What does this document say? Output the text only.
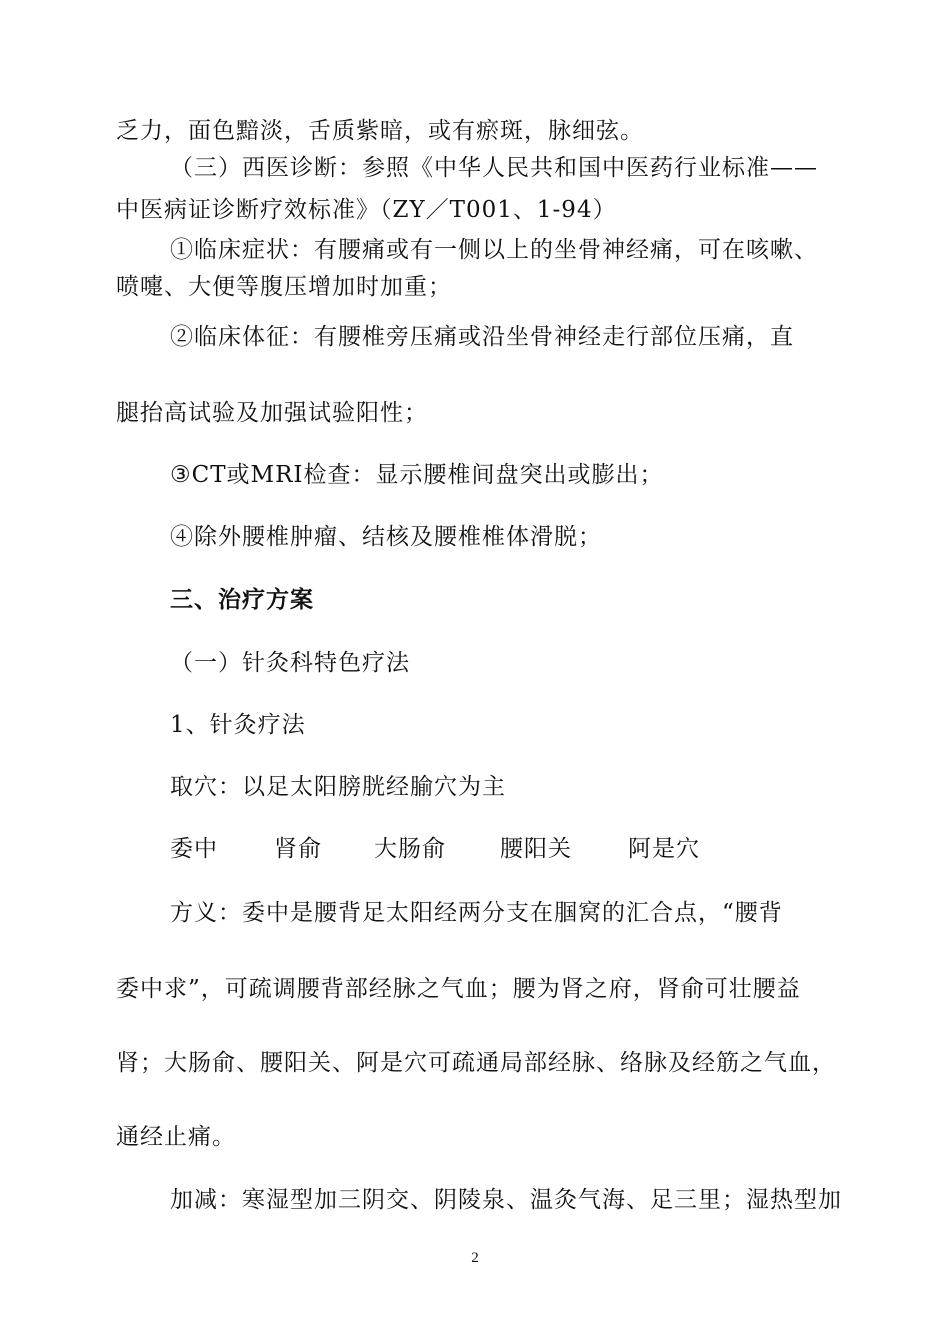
乏力，面色黯淡，舌质紫暗，或有瘀斑，脉细弦。
（三）西医诊断：参照《中华人民共和国中医药行业标准——
中医病证诊断疗效标准》（ZY／T001、1-94）
①临床症状：有腰痛或有一侧以上的坐骨神经痛，可在咳嗽、
喷嚏、大便等腹压增加时加重；
②临床体征：有腰椎旁压痛或沿坐骨神经走行部位压痛，直
腿抬高试验及加强试验阳性；
③CT或MRI检查：显示腰椎间盘突出或膨出；
④除外腰椎肿瘤、结核及腰椎椎体滑脱；
三、治疗方案
（一）针灸科特色疗法
1、针灸疗法
取穴：以足太阳膀胱经腧穴为主
委中 肾俞 大肠俞 腰阳关 阿是穴
方义：委中是腰背足太阳经两分支在腘窝的汇合点，“腰背
委中求”，可疏调腰背部经脉之气血；腰为肾之府，肾俞可壮腰益
肾；大肠俞、腰阳关、阿是穴可疏通局部经脉、络脉及经筋之气血，
通经止痛。
加减：寒湿型加三阴交、阴陵泉、温灸气海、足三里；湿热型加
2
